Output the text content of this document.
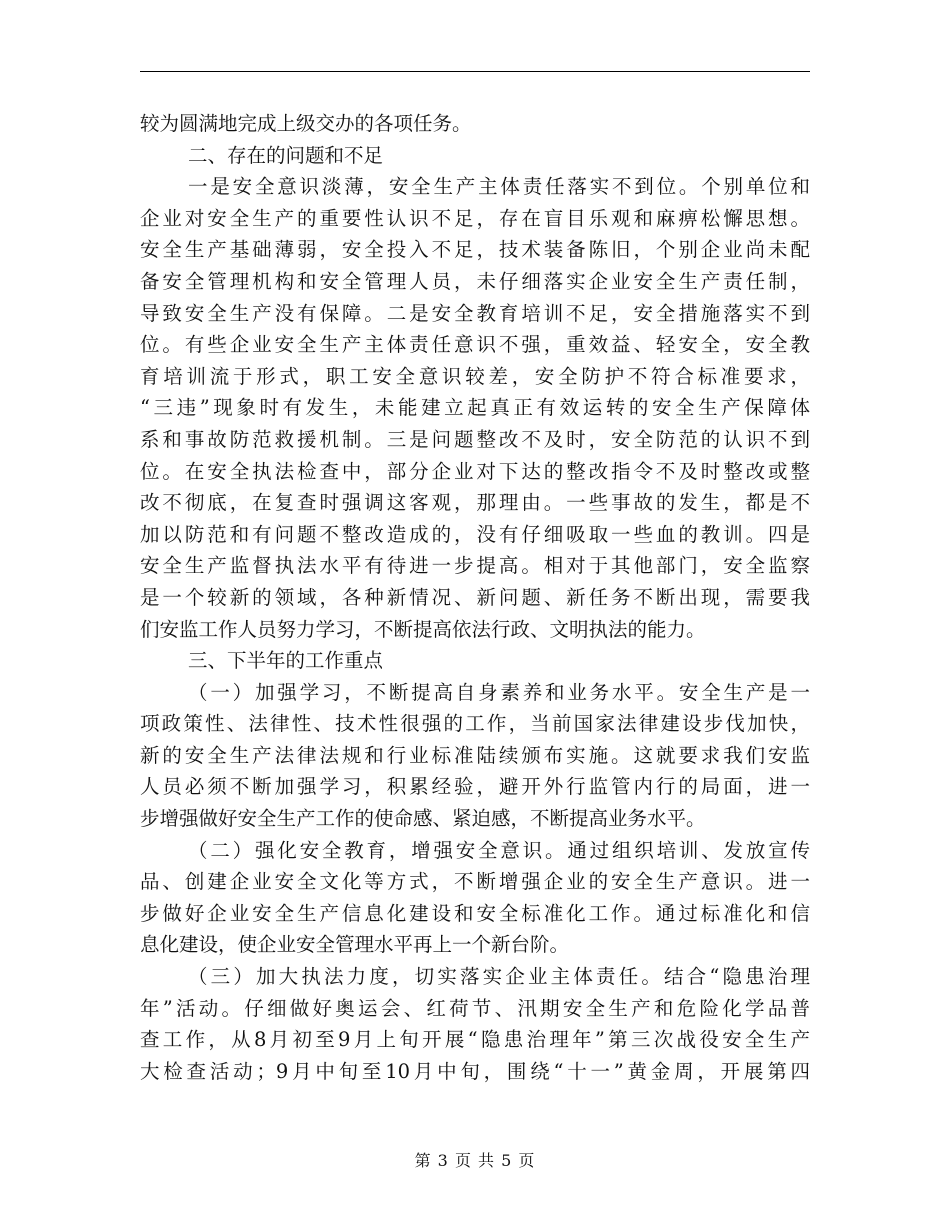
较为圆满地完成上级交办的各项任务。
二、存在的问题和不足
一是安全意识淡薄，安全生产主体责任落实不到位。个别单位和
企业对安全生产的重要性认识不足，存在盲目乐观和麻痹松懈思想。
安全生产基础薄弱，安全投入不足，技术装备陈旧，个别企业尚未配
备安全管理机构和安全管理人员，未仔细落实企业安全生产责任制，
导致安全生产没有保障。二是安全教育培训不足，安全措施落实不到
位。有些企业安全生产主体责任意识不强，重效益、轻安全，安全教
育培训流于形式，职工安全意识较差，安全防护不符合标准要求，
“三违”现象时有发生，未能建立起真正有效运转的安全生产保障体
系和事故防范救援机制。三是问题整改不及时，安全防范的认识不到
位。在安全执法检查中，部分企业对下达的整改指令不及时整改或整
改不彻底，在复查时强调这客观，那理由。一些事故的发生，都是不
加以防范和有问题不整改造成的，没有仔细吸取一些血的教训。四是
安全生产监督执法水平有待进一步提高。相对于其他部门，安全监察
是一个较新的领域，各种新情况、新问题、新任务不断出现，需要我
们安监工作人员努力学习，不断提高依法行政、文明执法的能力。
三、下半年的工作重点
（一）加强学习，不断提高自身素养和业务水平。安全生产是一
项政策性、法律性、技术性很强的工作，当前国家法律建设步伐加快，
新的安全生产法律法规和行业标准陆续颁布实施。这就要求我们安监
人员必须不断加强学习，积累经验，避开外行监管内行的局面，进一
步增强做好安全生产工作的使命感、紧迫感，不断提高业务水平。
（二）强化安全教育，增强安全意识。通过组织培训、发放宣传
品、创建企业安全文化等方式，不断增强企业的安全生产意识。进一
步做好企业安全生产信息化建设和安全标准化工作。通过标准化和信
息化建设，使企业安全管理水平再上一个新台阶。
（三）加大执法力度，切实落实企业主体责任。结合“隐患治理
年”活动。仔细做好奥运会、红荷节、汛期安全生产和危险化学品普
查工作，从8月初至9月上旬开展“隐患治理年”第三次战役安全生产
大检查活动；9月中旬至10月中旬，围绕“十一”黄金周，开展第四
第 3 页 共 5 页
